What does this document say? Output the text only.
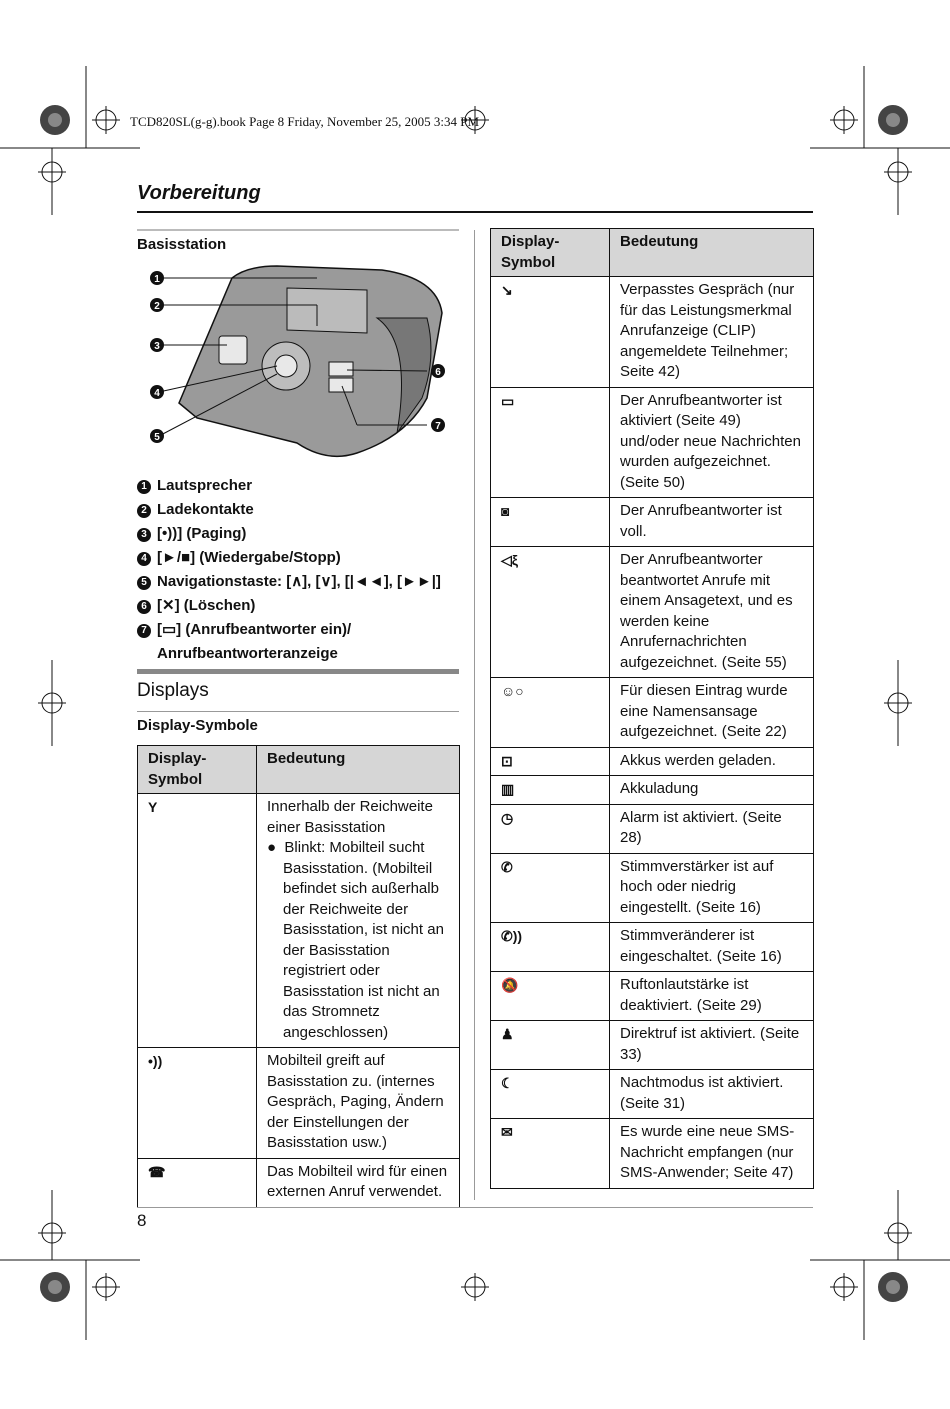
TCD820SL(g-g).book Page 8 Friday, November 25, 2005 3:34 PM
Vorbereitung
Basisstation
1
2
3
4
5
6
7
1 Lautsprecher
2 Ladekontakte
3 [•))] (Paging)
4 [►/■] (Wiedergabe/Stopp)
5 Navigationstaste: [∧], [∨], [|◄◄], [►►|]
6 [✕] (Löschen)
7 [▭] (Anrufbeantworter ein)/
Anrufbeantworteranzeige
Displays
Display-Symbole
Display-Symbol	Bedeutung
Y	Innerhalb der Reichweite einer Basisstation
●  Blinkt: Mobilteil sucht Basisstation. (Mobilteil befindet sich außerhalb der Reichweite der Basisstation, ist nicht an der Basisstation registriert oder Basisstation ist nicht an das Stromnetz angeschlossen)

•))	Mobilteil greift auf Basisstation zu. (internes Gespräch, Paging, Ändern der Einstellungen der Basisstation usw.)
☎	Das Mobilteil wird für einen externen Anruf verwendet.
Display-Symbol	Bedeutung
↘	Verpasstes Gespräch (nur für das Leistungsmerkmal Anrufanzeige (CLIP) angemeldete Teilnehmer; Seite 42)
▭	Der Anrufbeantworter ist aktiviert (Seite 49) und/oder neue Nachrichten wurden aufgezeichnet. (Seite 50)
◙	Der Anrufbeantworter ist voll.
◁ξ	Der Anrufbeantworter beantwortet Anrufe mit einem Ansagetext, und es werden keine Anrufernachrichten aufgezeichnet. (Seite 55)
☺○	Für diesen Eintrag wurde eine Namensansage aufgezeichnet. (Seite 22)
⊡	Akkus werden geladen.
▥	Akkuladung
◷	Alarm ist aktiviert. (Seite 28)
✆	Stimmverstärker ist auf hoch oder niedrig eingestellt. (Seite 16)
✆))	Stimmveränderer ist eingeschaltet. (Seite 16)
🔕	Ruftonlautstärke ist deaktiviert. (Seite 29)
♟	Direktruf ist aktiviert. (Seite 33)
☾	Nachtmodus ist aktiviert. (Seite 31)
✉	Es wurde eine neue SMS-Nachricht empfangen (nur SMS-Anwender; Seite 47)
8
